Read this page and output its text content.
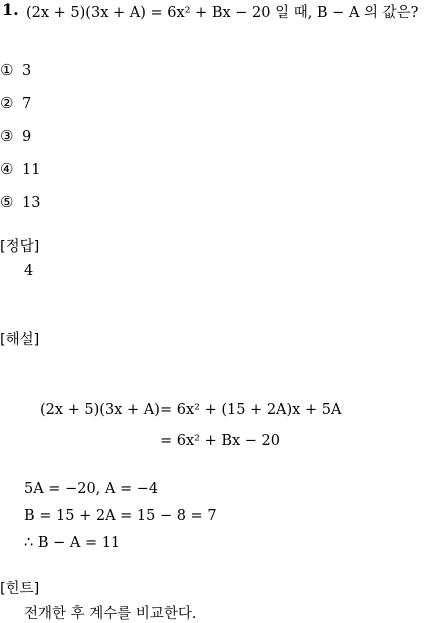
1. (2x + 5)(3x + A) = 6x² + Bx − 20 일 때, B − A 의 값은?
① 3
② 7
③ 9
④ 11
⑤ 13
[정답]
4
[해설]
(2x + 5)(3x + A) = 6x² + (15 + 2A)x + 5A
= 6x² + Bx − 20
5A = −20, A = −4
B = 15 + 2A = 15 − 8 = 7
∴ B − A = 11
[힌트]
전개한 후 계수를 비교한다.
